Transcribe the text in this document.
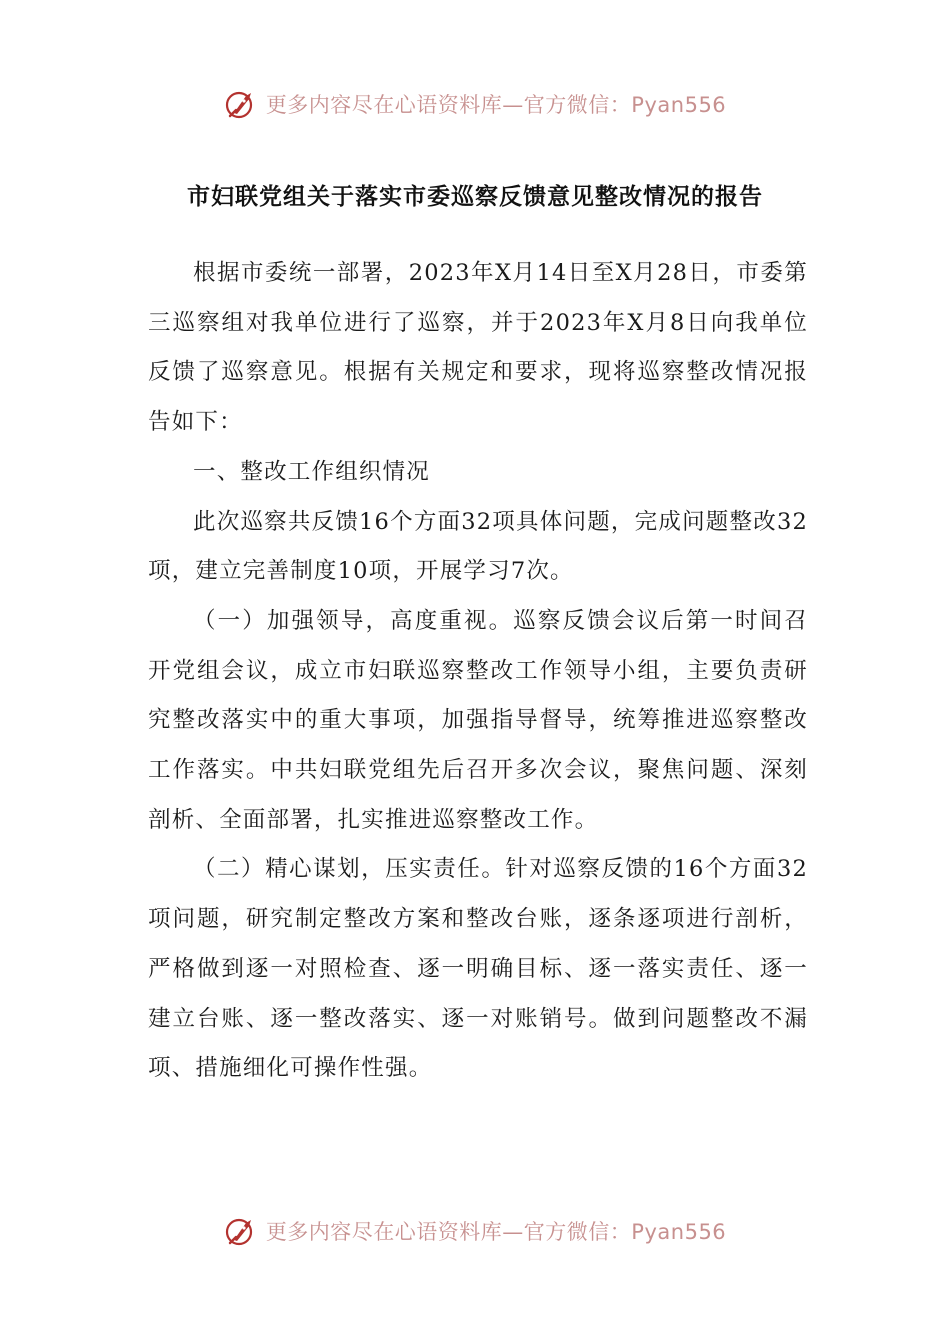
更多内容尽在心语资料库—官方微信：Pyan556
市妇联党组关于落实市委巡察反馈意见整改情况的报告

根据市委统一部署，2023年X月14日至X月28日，市委第三巡察组对我单位进行了巡察，并于2023年X月8日向我单位反馈了巡察意见。根据有关规定和要求，现将巡察整改情况报告如下：

一、整改工作组织情况

此次巡察共反馈16个方面32项具体问题，完成问题整改32项，建立完善制度10项，开展学习7次。

（一）加强领导，高度重视。巡察反馈会议后第一时间召开党组会议，成立市妇联巡察整改工作领导小组，主要负责研究整改落实中的重大事项，加强指导督导，统筹推进巡察整改工作落实。中共妇联党组先后召开多次会议，聚焦问题、深刻剖析、全面部署，扎实推进巡察整改工作。

（二）精心谋划，压实责任。针对巡察反馈的16个方面32项问题，研究制定整改方案和整改台账，逐条逐项进行剖析，严格做到逐一对照检查、逐一明确目标、逐一落实责任、逐一建立台账、逐一整改落实、逐一对账销号。做到问题整改不漏项、措施细化可操作性强。

更多内容尽在心语资料库—官方微信：Pyan556
